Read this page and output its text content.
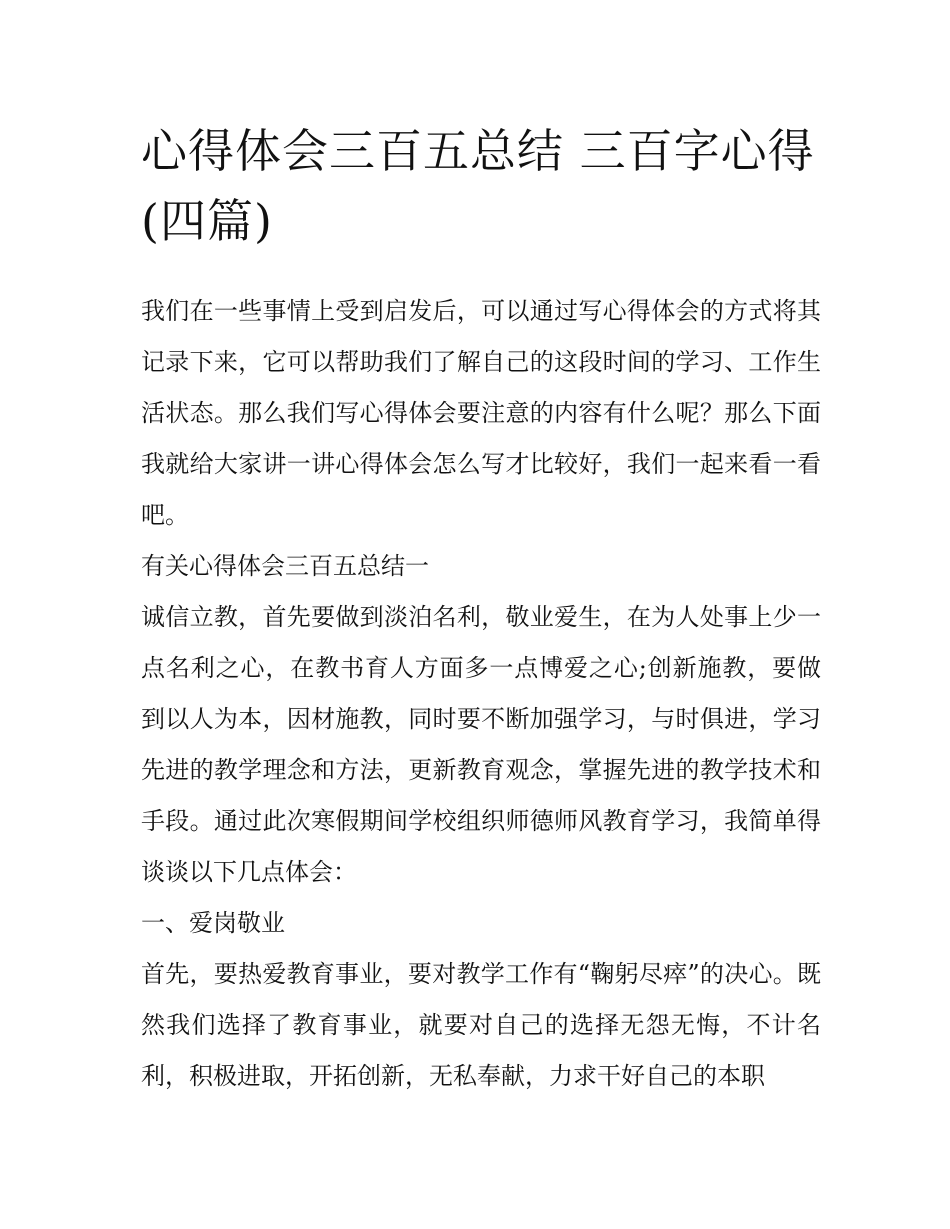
心得体会三百五总结 三百字心得(四篇)

我们在一些事情上受到启发后，可以通过写心得体会的方式将其记录下来，它可以帮助我们了解自己的这段时间的学习、工作生活状态。那么我们写心得体会要注意的内容有什么呢？那么下面我就给大家讲一讲心得体会怎么写才比较好，我们一起来看一看吧。

有关心得体会三百五总结一

诚信立教，首先要做到淡泊名利，敬业爱生，在为人处事上少一点名利之心，在教书育人方面多一点博爱之心;创新施教，要做到以人为本，因材施教，同时要不断加强学习，与时俱进，学习先进的教学理念和方法，更新教育观念，掌握先进的教学技术和手段。通过此次寒假期间学校组织师德师风教育学习，我简单得谈谈以下几点体会：

一、爱岗敬业

首先，要热爱教育事业，要对教学工作有“鞠躬尽瘁”的决心。既然我们选择了教育事业，就要对自己的选择无怨无悔，不计名利，积极进取，开拓创新，无私奉献，力求干好自己的本职
